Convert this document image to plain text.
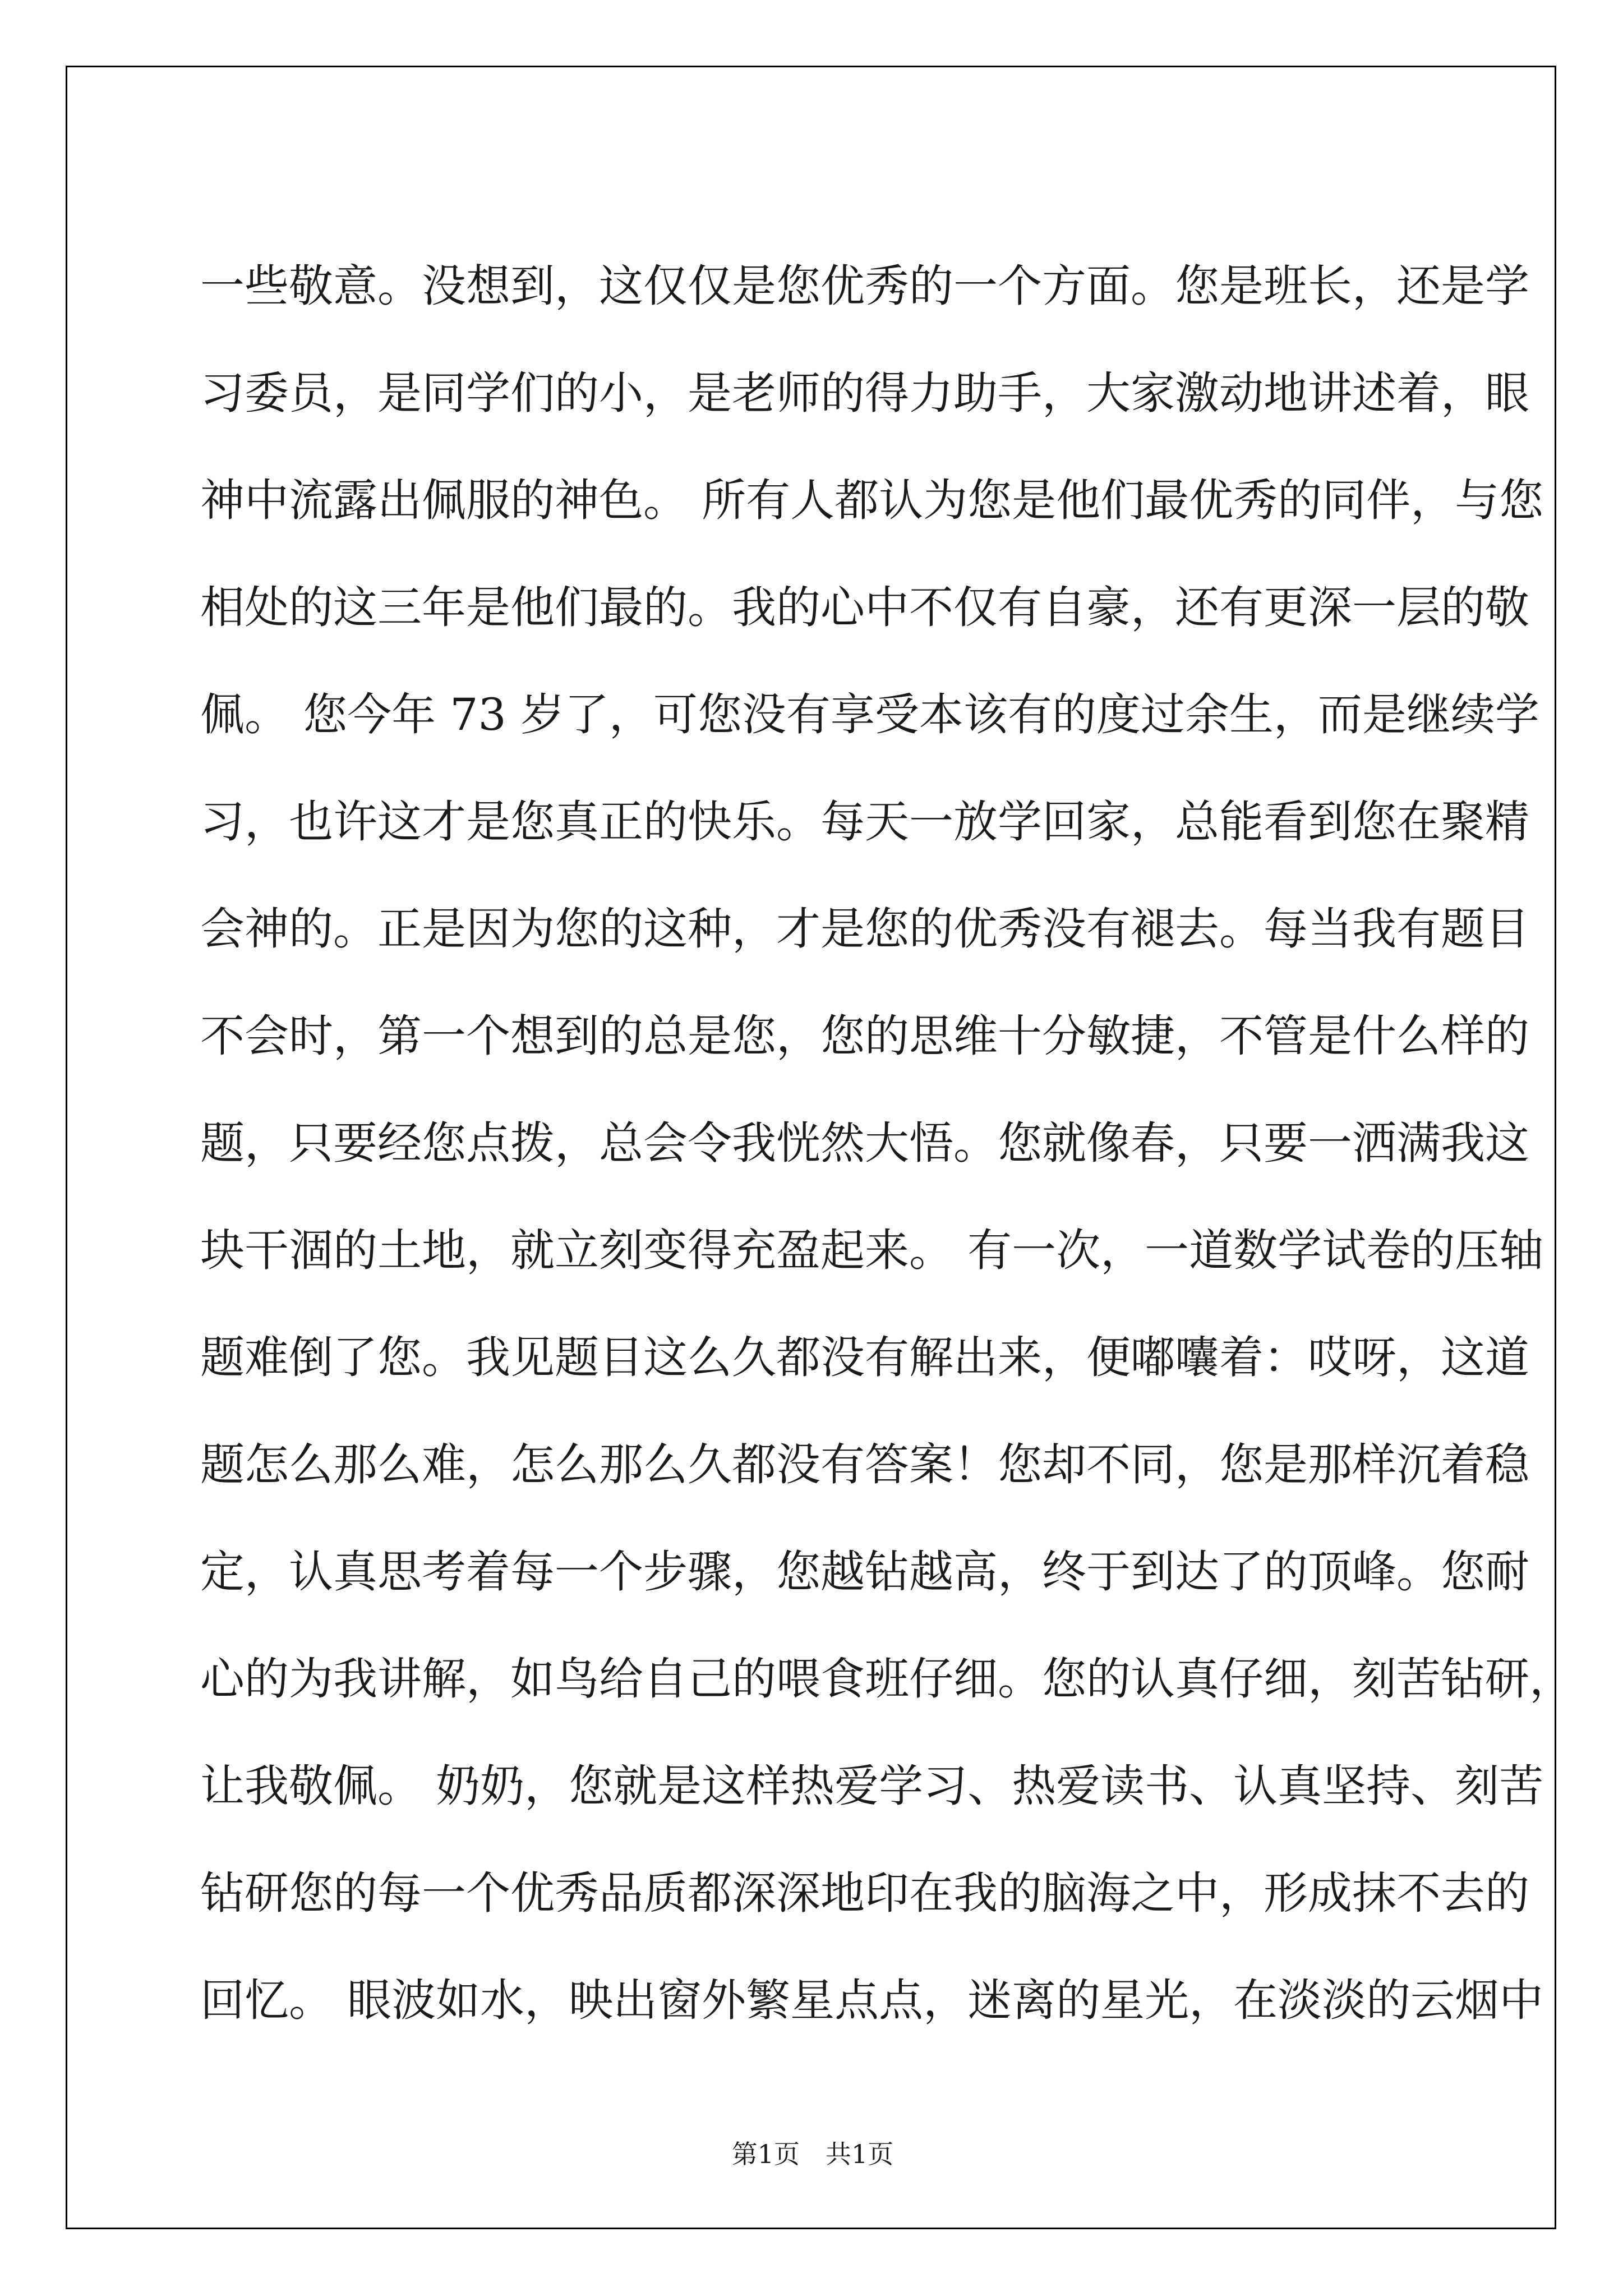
一些敬意。没想到，这仅仅是您优秀的一个方面。您是班长，还是学
习委员，是同学们的小，是老师的得力助手，大家激动地讲述着，眼
神中流露出佩服的神色。 所有人都认为您是他们最优秀的同伴，与您
相处的这三年是他们最的。我的心中不仅有自豪，还有更深一层的敬
佩。 您今年 73 岁了，可您没有享受本该有的度过余生，而是继续学
习，也许这才是您真正的快乐。每天一放学回家，总能看到您在聚精
会神的。正是因为您的这种，才是您的优秀没有褪去。每当我有题目
不会时，第一个想到的总是您，您的思维十分敏捷，不管是什么样的
题，只要经您点拨，总会令我恍然大悟。您就像春，只要一洒满我这
块干涸的土地，就立刻变得充盈起来。 有一次，一道数学试卷的压轴
题难倒了您。我见题目这么久都没有解出来，便嘟囔着：哎呀，这道
题怎么那么难，怎么那么久都没有答案！您却不同，您是那样沉着稳
定，认真思考着每一个步骤，您越钻越高，终于到达了的顶峰。您耐
心的为我讲解，如鸟给自己的喂食班仔细。您的认真仔细，刻苦钻研，
让我敬佩。 奶奶，您就是这样热爱学习、热爱读书、认真坚持、刻苦
钻研您的每一个优秀品质都深深地印在我的脑海之中，形成抹不去的
回忆。 眼波如水，映出窗外繁星点点，迷离的星光，在淡淡的云烟中
第1页　共1页
